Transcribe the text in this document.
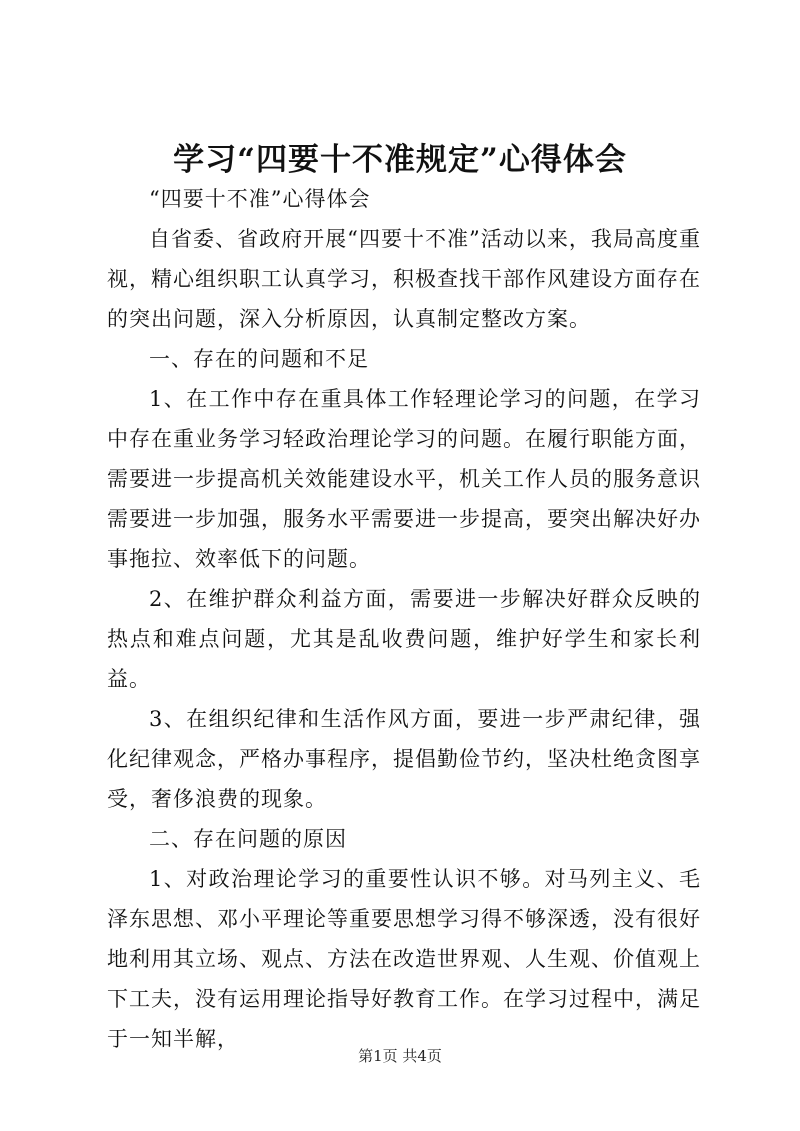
学习“四要十不准规定”心得体会

“四要十不准”心得体会

自省委、省政府开展“四要十不准”活动以来，我局高度重视，精心组织职工认真学习，积极查找干部作风建设方面存在的突出问题，深入分析原因，认真制定整改方案。

一、存在的问题和不足

1、在工作中存在重具体工作轻理论学习的问题，在学习中存在重业务学习轻政治理论学习的问题。在履行职能方面，需要进一步提高机关效能建设水平，机关工作人员的服务意识需要进一步加强，服务水平需要进一步提高，要突出解决好办事拖拉、效率低下的问题。

2、在维护群众利益方面，需要进一步解决好群众反映的热点和难点问题，尤其是乱收费问题，维护好学生和家长利益。

3、在组织纪律和生活作风方面，要进一步严肃纪律，强化纪律观念，严格办事程序，提倡勤俭节约，坚决杜绝贪图享受，奢侈浪费的现象。

二、存在问题的原因

1、对政治理论学习的重要性认识不够。对马列主义、毛泽东思想、邓小平理论等重要思想学习得不够深透，没有很好地利用其立场、观点、方法在改造世界观、人生观、价值观上下工夫，没有运用理论指导好教育工作。在学习过程中，满足于一知半解，

第1页 共4页
